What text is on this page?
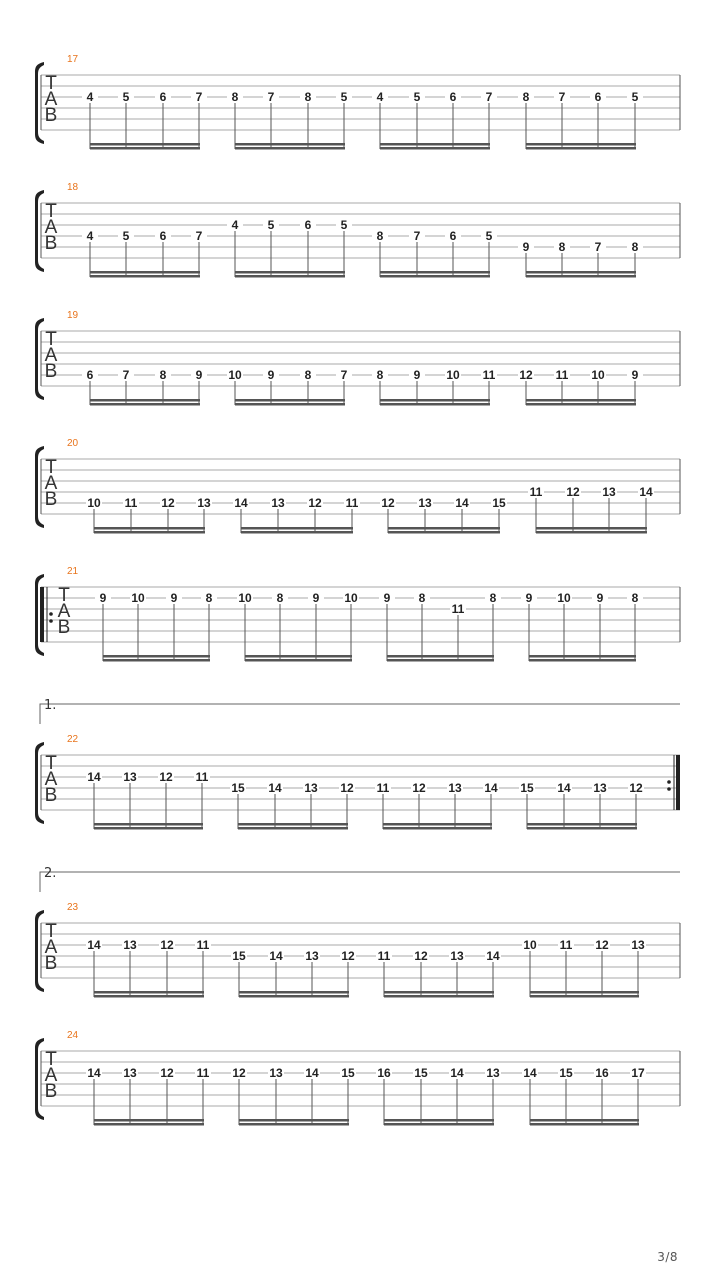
T
A
B
17
4 5	6 7 8 7	8 5 4	5 6 7	8 7 6	5
T
A
B
18
4 5	6 7
4 5	6 5
8	7 6 5
9 8 7	8
T
A
B
19
6 7	8 9 10 9	8 7 8	9 10 11 12 11 10 9
T
A
B
20
10 11 12 13 14 13 12 11 12 13 14 15
11 12 13 14
T
A
B
21
9 10 9 8 10 8 9 10 9 8
11
8 9 10 9 8
1.
T
A
B
22
14 13 12 11
15 14 13 12 11 12 13 14 15 14 13 12
2.
T
A
B
23
14 13 12 11
15 14 13 12 11 12 13 14
10 11 12 13
T
A
B
24
14 13 12 11 12 13 14 15 16 15 14 13 14 15 16 17
3/8
